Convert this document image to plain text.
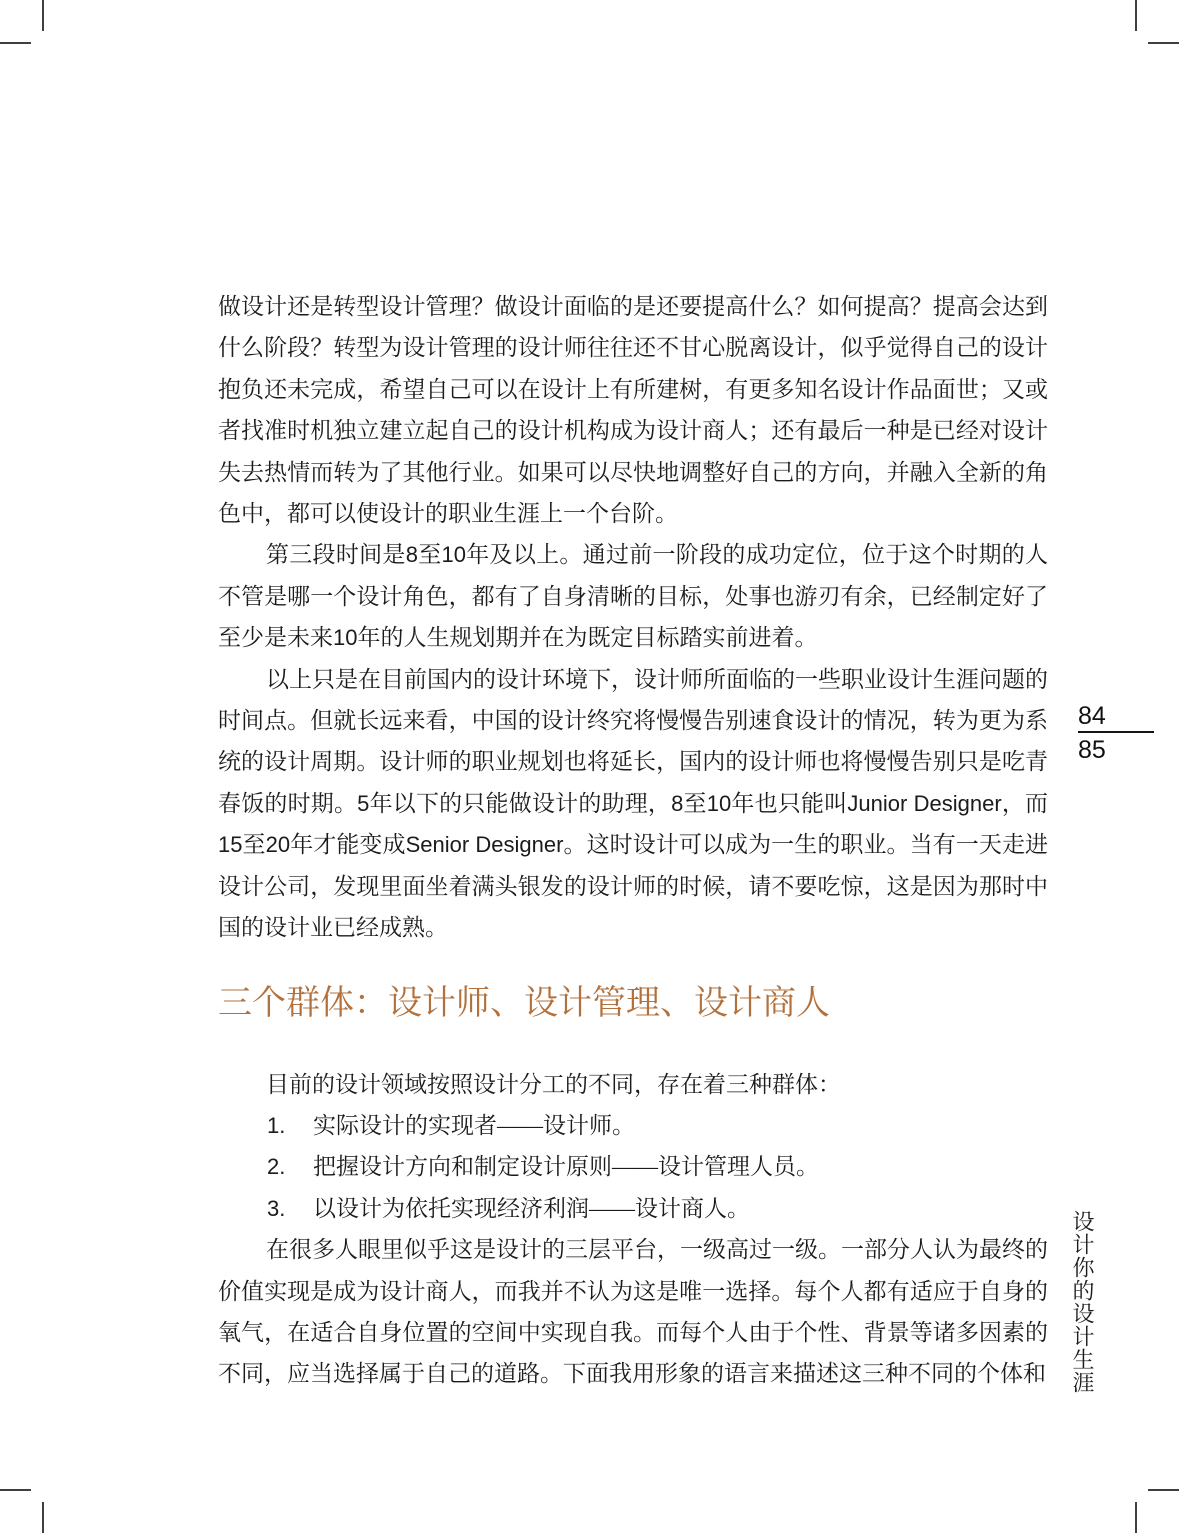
做设计还是转型设计管理？做设计面临的是还要提高什么？如何提高？提高会达到什么阶段？转型为设计管理的设计师往往还不甘心脱离设计，似乎觉得自己的设计抱负还未完成，希望自己可以在设计上有所建树，有更多知名设计作品面世；又或者找准时机独立建立起自己的设计机构成为设计商人；还有最后一种是已经对设计失去热情而转为了其他行业。如果可以尽快地调整好自己的方向，并融入全新的角色中，都可以使设计的职业生涯上一个台阶。

第三段时间是8至10年及以上。通过前一阶段的成功定位，位于这个时期的人不管是哪一个设计角色，都有了自身清晰的目标，处事也游刃有余，已经制定好了至少是未来10年的人生规划期并在为既定目标踏实前进着。

以上只是在目前国内的设计环境下，设计师所面临的一些职业设计生涯问题的时间点。但就长远来看，中国的设计终究将慢慢告别速食设计的情况，转为更为系统的设计周期。设计师的职业规划也将延长，国内的设计师也将慢慢告别只是吃青春饭的时期。5年以下的只能做设计的助理，8至10年也只能叫Junior Designer，而15至20年才能变成Senior Designer。这时设计可以成为一生的职业。当有一天走进设计公司，发现里面坐着满头银发的设计师的时候，请不要吃惊，这是因为那时中国的设计业已经成熟。

三个群体：设计师、设计管理、设计商人

目前的设计领域按照设计分工的不同，存在着三种群体：

1. 实际设计的实现者——设计师。
2. 把握设计方向和制定设计原则——设计管理人员。
3. 以设计为依托实现经济利润——设计商人。

在很多人眼里似乎这是设计的三层平台，一级高过一级。一部分人认为最终的价值实现是成为设计商人，而我并不认为这是唯一选择。每个人都有适应于自身的氧气，在适合自身位置的空间中实现自我。而每个人由于个性、背景等诸多因素的不同，应当选择属于自己的道路。下面我用形象的语言来描述这三种不同的个体和

84
85
设计你的设计生涯
